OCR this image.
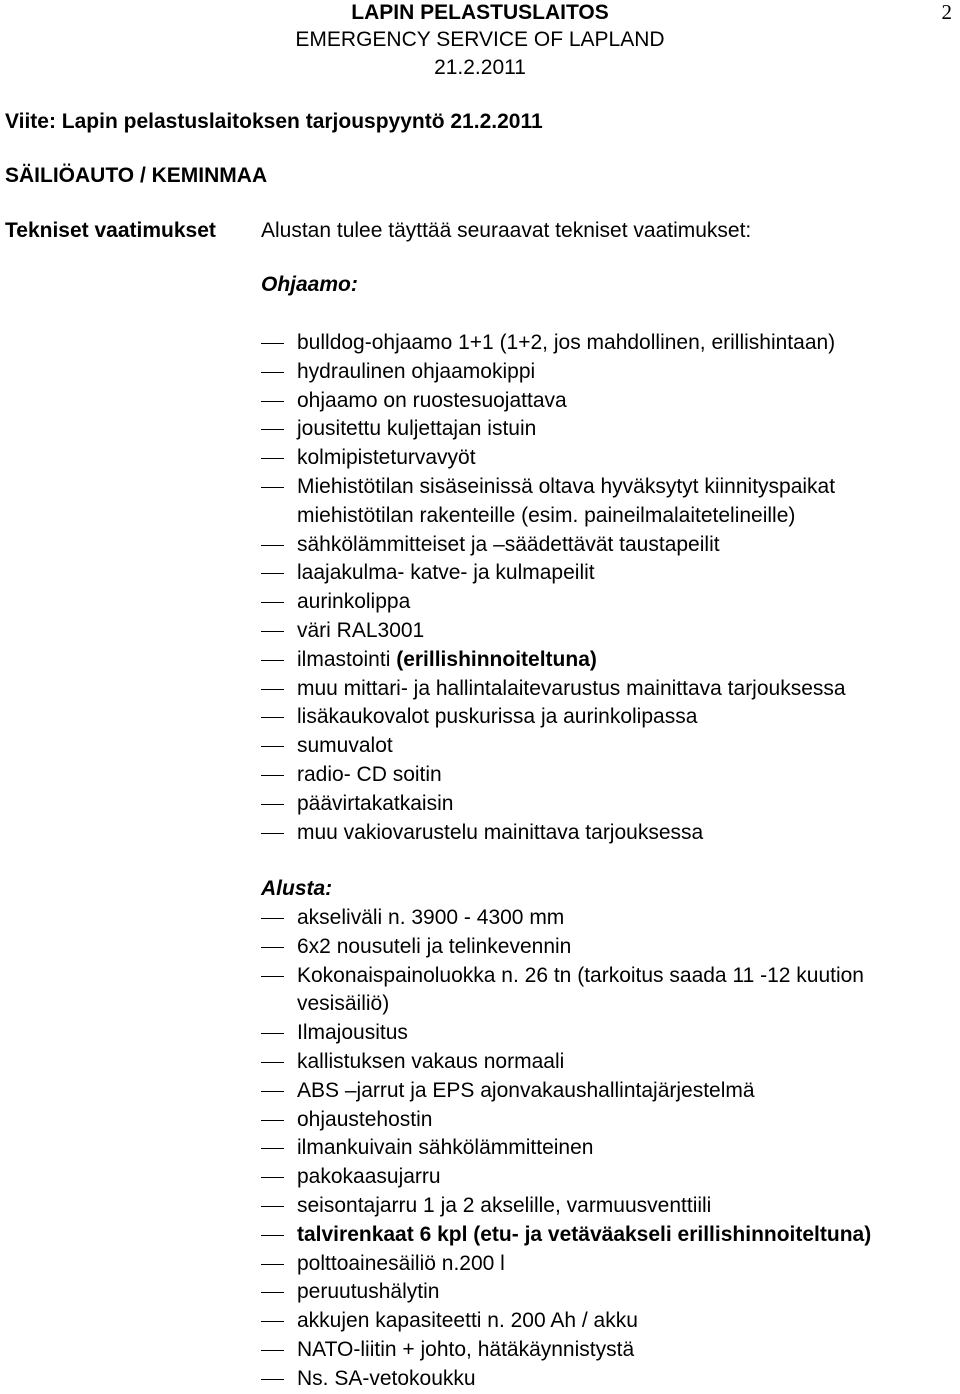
LAPIN PELASTUSLAITOS
EMERGENCY SERVICE OF LAPLAND
21.2.2011
2

Viite: Lapin pelastuslaitoksen tarjouspyyntö 21.2.2011

SÄILIÖAUTO / KEMINMAA

Tekniset vaatimukset Alustan tulee täyttää seuraavat tekniset vaatimukset:

Ohjaamo:

bulldog-ohjaamo 1+1 (1+2, jos mahdollinen, erillishintaan)
hydraulinen ohjaamokippi
ohjaamo on ruostesuojattava
jousitettu kuljettajan istuin
kolmipisteturvavyöt
Miehistötilan sisäseinissä oltava hyväksytyt kiinnityspaikat miehistötilan rakenteille (esim. paineilmalaitetelineille)
sähkölämmitteiset ja –säädettävät taustapeilit
laajakulma- katve- ja kulmapeilit
aurinkolippa
väri RAL3001
ilmastointi (erillishinnoiteltuna)
muu mittari- ja hallintalaitevarustus mainittava tarjouksessa
lisäkaukovalot puskurissa ja aurinkolipassa
sumuvalot
radio- CD soitin
päävirtakatkaisin
muu vakiovarustelu mainittava tarjouksessa

Alusta:

akseliväli n. 3900 - 4300 mm
6x2 nousuteli ja telinkevennin
Kokonaispainoluokka n. 26 tn (tarkoitus saada 11 -12 kuution vesisäiliö)
Ilmajousitus
kallistuksen vakaus normaali
ABS –jarrut ja EPS ajonvakaushallintajärjestelmä
ohjaustehostin
ilmankuivain sähkölämmitteinen
pakokaasujarru
seisontajarru 1 ja 2 akselille, varmuusventtiili
talvirenkaat 6 kpl (etu- ja vetäväakseli erillishinnoiteltuna)
polttoainesäiliö n.200 l
peruutushälytin
akkujen kapasiteetti n. 200 Ah / akku
NATO-liitin + johto, hätäkäynnistystä
Ns. SA-vetokoukku
